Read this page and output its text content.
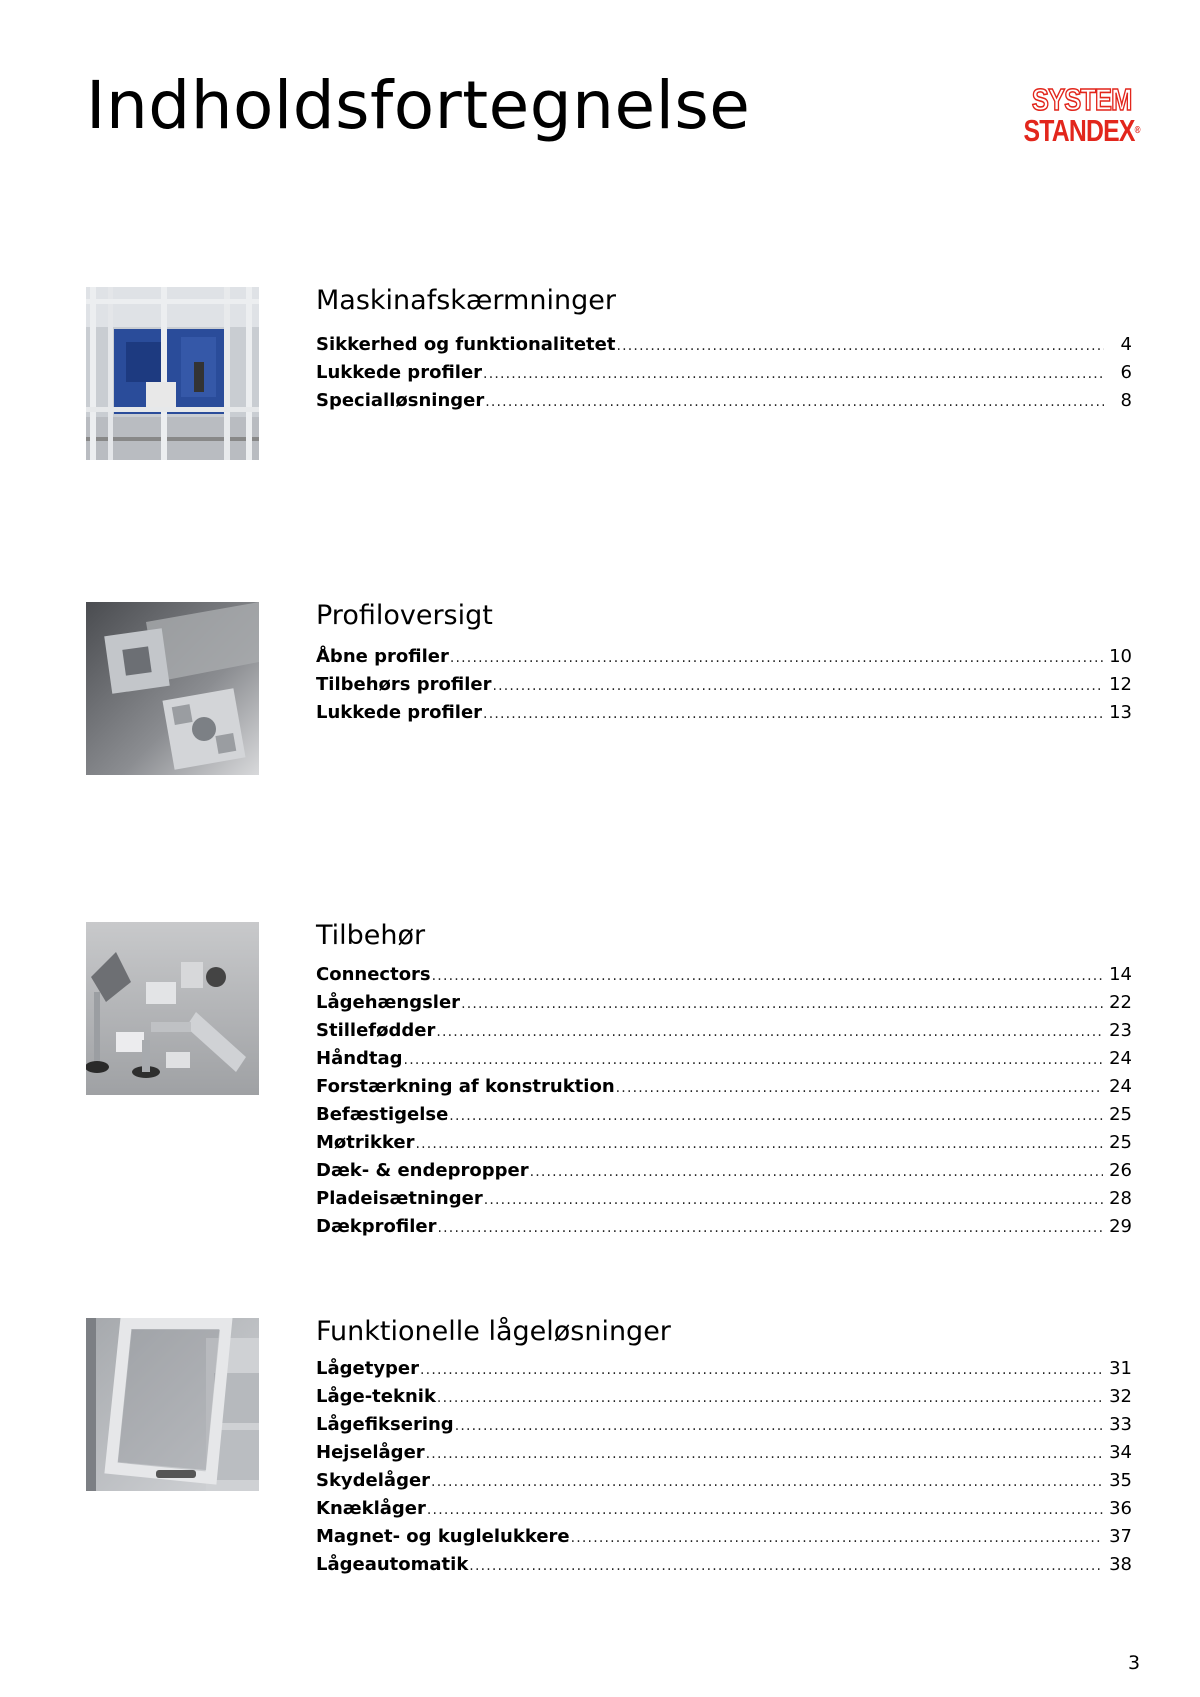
Indholdsfortegnelse	SYSTEM
STANDEX®
Maskinafskærmninger
Sikkerhed og funktionalitetet .....	4
Lukkede profiler .....	6
Specialløsninger .....	8
Profiloversigt
Åbne profiler .....	10
Tilbehørs profiler .....	12
Lukkede profiler .....	13
Tilbehør
Connectors .....	14
Lågehængsler .....	22
Stillefødder .....	23
Håndtag .....	24
Forstærkning af konstruktion .....	24
Befæstigelse .....	25
Møtrikker .....	25
Dæk- & endepropper .....	26
Pladeisætninger .....	28
Dækprofiler .....	29
Funktionelle lågeløsninger
Lågetyper .....	31
Låge-teknik .....	32
Lågefiksering .....	33
Hejselåger .....	34
Skydelåger .....	35
Knæklåger .....	36
Magnet- og kuglelukkere .....	37
Lågeautomatik .....	38
3
